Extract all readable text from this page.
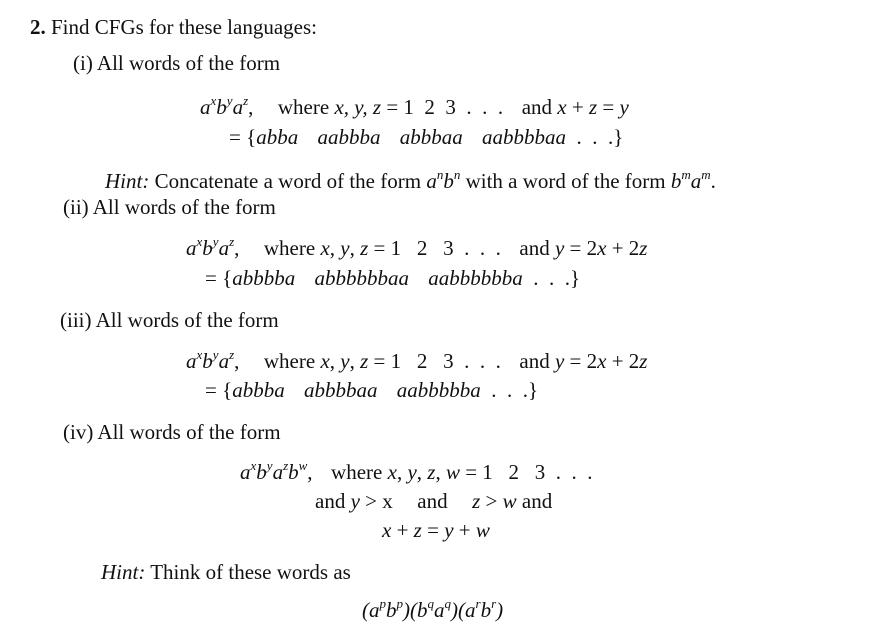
2. Find CFGs for these languages:
(i) All words of the form
$a^xb^ya^z$,  where x, y, z = 1  2  3  .  .  . and x + z = y
= {abba aabbba abbbaa aabbbbaa  .  .  .}
Hint: Concatenate a word of the form $a^nb^n$ with a word of the form $b^ma^m$.
(ii) All words of the form
$a^xb^ya^z$,  where x, y, z = 1   2   3  .  .  . and y = 2x + 2z
= {abbbba abbbbbbaa aabbbbbba  .  .  .}
(iii) All words of the form
$a^xb^ya^z$,  where x, y, z = 1   2   3  .  .  . and y = 2x + 2z
= {abbba abbbbaa aabbbbba  .  .  .}
(iv) All words of the form
$a^xb^ya^zb^w$,  where x, y, z, w = 1   2   3  .  .  .
and y > x and z > w and
x + z = y + w
Hint: Think of these words as
$(a^pb^p)(b^qa^q)(a^rb^r)$
